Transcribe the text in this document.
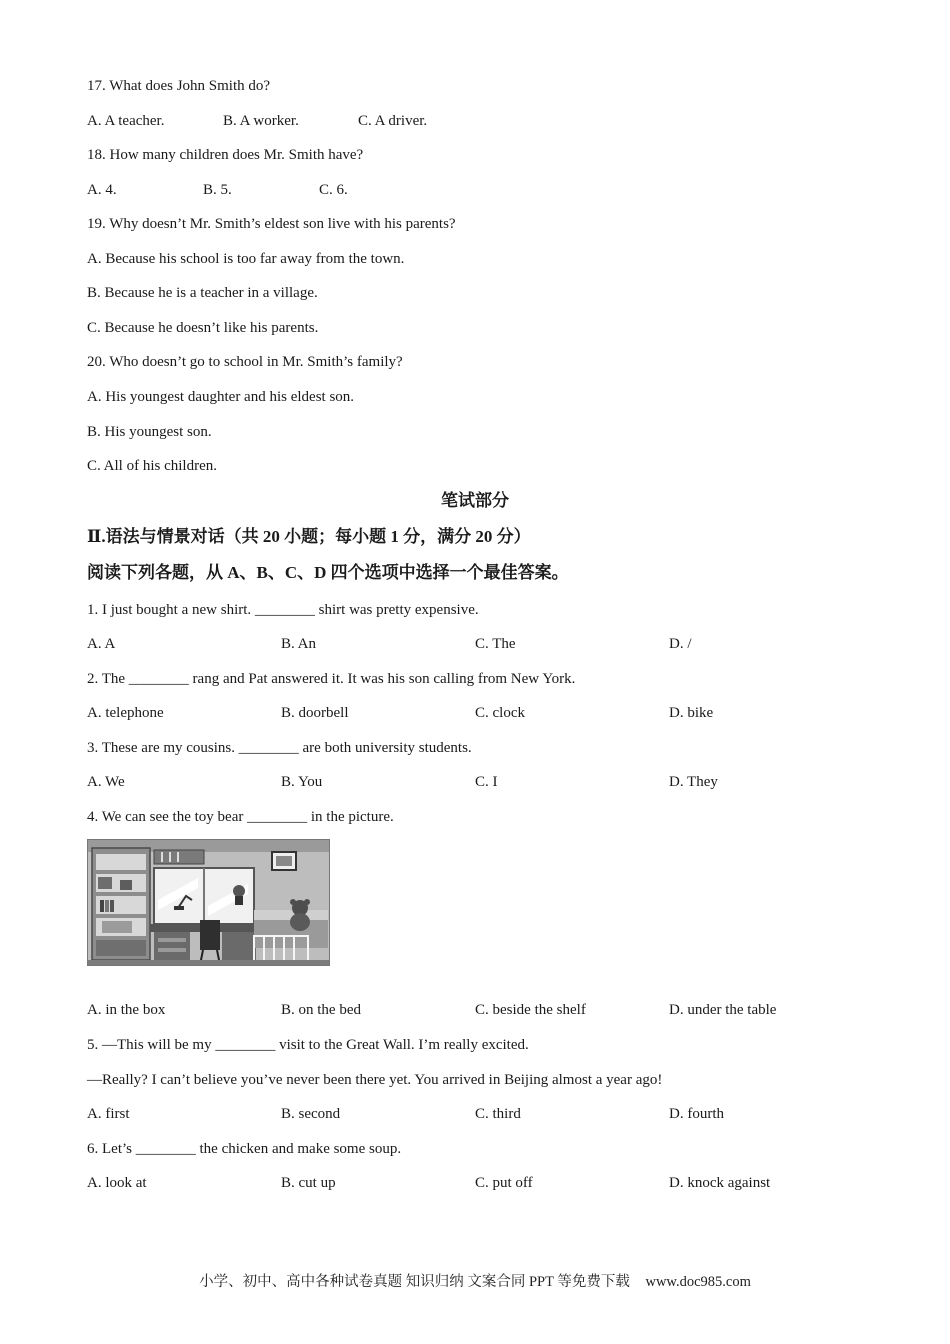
17. What does John Smith do?
A. A teacher.	B. A worker.	C. A driver.
18. How many children does Mr. Smith have?
A. 4.	B. 5.	C. 6.
19. Why doesn’t Mr. Smith’s eldest son live with his parents?
A. Because his school is too far away from the town.
B. Because he is a teacher in a village.
C. Because he doesn’t like his parents.
20. Who doesn’t go to school in Mr. Smith’s family?
A. His youngest daughter and his eldest son.
B. His youngest son.
C. All of his children.
笔试部分
Ⅱ.语法与情景对话（共 20 小题；每小题 1 分，满分 20 分）
阅读下列各题，从 A、B、C、D 四个选项中选择一个最佳答案。
1. I just bought a new shirt. ________ shirt was pretty expensive.
A. A	B. An	C. The	D. /
2. The ________ rang and Pat answered it. It was his son calling from New York.
A. telephone	B. doorbell	C. clock	D. bike
3. These are my cousins. ________ are both university students.
A. We	B. You	C. I	D. They
4. We can see the toy bear ________ in the picture.
A. in the box	B. on the bed	C. beside the shelf	D. under the table
5. —This will be my ________ visit to the Great Wall. I’m really excited.
—Really? I can’t believe you’ve never been there yet. You arrived in Beijing almost a year ago!
A. first	B. second	C. third	D. fourth
6. Let’s ________ the chicken and make some soup.
A. look at	B. cut up	C. put off	D. knock against
小学、初中、高中各种试卷真题 知识归纳 文案合同 PPT 等免费下载 www.doc985.com
